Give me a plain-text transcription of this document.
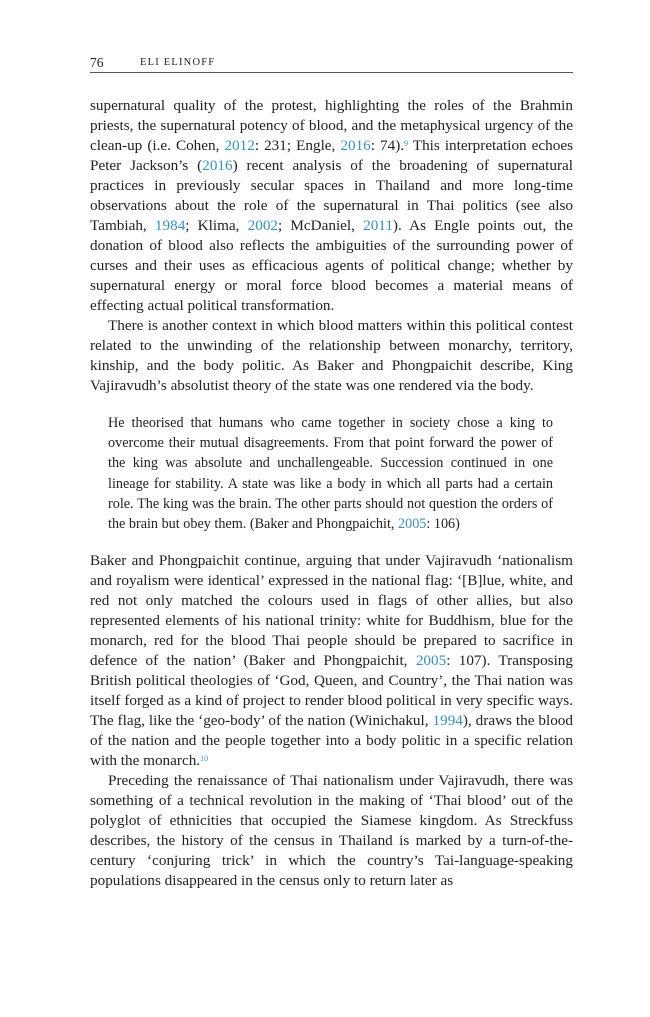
76	ELI ELINOFF

supernatural quality of the protest, highlighting the roles of the Brahmin priests, the supernatural potency of blood, and the metaphysical urgency of the clean-up (i.e. Cohen, 2012: 231; Engle, 2016: 74).$^9$ This interpretation echoes Peter Jackson’s (2016) recent analysis of the broadening of supernatural practices in previously secular spaces in Thailand and more long-time observations about the role of the supernatural in Thai politics (see also Tambiah, 1984; Klima, 2002; McDaniel, 2011). As Engle points out, the donation of blood also reflects the ambiguities of the surrounding power of curses and their uses as efficacious agents of political change; whether by supernatural energy or moral force blood becomes a material means of effecting actual political transformation.

There is another context in which blood matters within this political contest related to the unwinding of the relationship between monarchy, territory, kinship, and the body politic. As Baker and Phongpaichit describe, King Vajiravudh’s absolutist theory of the state was one rendered via the body.

He theorised that humans who came together in society chose a king to overcome their mutual disagreements. From that point forward the power of the king was absolute and unchallengeable. Succession continued in one lineage for stability. A state was like a body in which all parts had a certain role. The king was the brain. The other parts should not question the orders of the brain but obey them. (Baker and Phongpaichit, 2005: 106)

Baker and Phongpaichit continue, arguing that under Vajiravudh ‘nationalism and royalism were identical’ expressed in the national flag: ‘[B]lue, white, and red not only matched the colours used in flags of other allies, but also represented elements of his national trinity: white for Buddhism, blue for the monarch, red for the blood Thai people should be prepared to sacrifice in defence of the nation’ (Baker and Phongpaichit, 2005: 107). Transposing British political theologies of ‘God, Queen, and Country’, the Thai nation was itself forged as a kind of project to render blood political in very specific ways. The flag, like the ‘geo-body’ of the nation (Winichakul, 1994), draws the blood of the nation and the people together into a body politic in a specific relation with the monarch.$^{10}$

Preceding the renaissance of Thai nationalism under Vajiravudh, there was something of a technical revolution in the making of ‘Thai blood’ out of the polyglot of ethnicities that occupied the Siamese kingdom. As Streckfuss describes, the history of the census in Thailand is marked by a turn-of-the-century ‘conjuring trick’ in which the country’s Tai-language-speaking populations disappeared in the census only to return later as
